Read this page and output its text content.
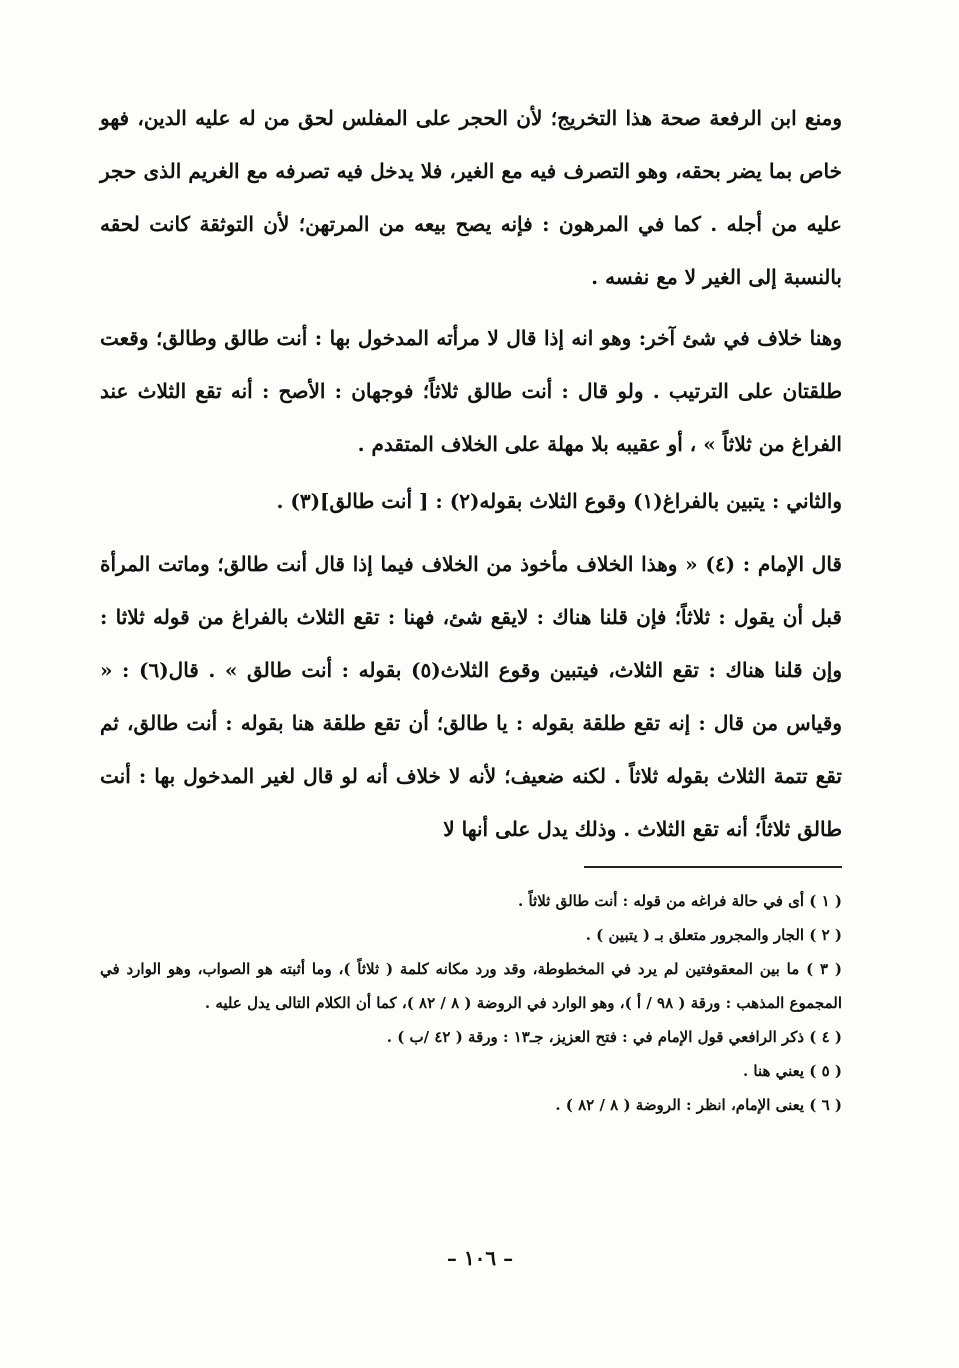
ومنع ابن الرفعة صحة هذا التخريج؛ لأن الحجر على المفلس لحق من له عليه الدين، فهو خاص بما يضر بحقه، وهو التصرف فيه مع الغير، فلا يدخل فيه تصرفه مع الغريم الذى حجر عليه من أجله . كما في المرهون : فإنه يصح بيعه من المرتهن؛ لأن التوثقة كانت لحقه بالنسبة إلى الغير لا مع نفسه .

وهنا خلاف في شئ آخر: وهو انه إذا قال لا مرأته المدخول بها : أنت طالق وطالق؛ وقعت طلقتان على الترتيب . ولو قال : أنت طالق ثلاثاً؛ فوجهان : الأصح : أنه تقع الثلاث عند الفراغ من ثلاثاً » ، أو عقيبه بلا مهلة على الخلاف المتقدم .

والثاني : يتبين بالفراغ(١) وقوع الثلاث بقوله(٢) : [ أنت طالق](٣) .

قال الإمام : (٤) « وهذا الخلاف مأخوذ من الخلاف فيما إذا قال أنت طالق؛ وماتت المرأة قبل أن يقول : ثلاثاً؛ فإن قلنا هناك : لايقع شئ، فهنا : تقع الثلاث بالفراغ من قوله ثلاثا : وإن قلنا هناك : تقع الثلاث، فيتبين وقوع الثلاث(٥) بقوله : أنت طالق » . قال(٦) : « وقياس من قال : إنه تقع طلقة بقوله : يا طالق؛ أن تقع طلقة هنا بقوله : أنت طالق، ثم تقع تتمة الثلاث بقوله ثلاثاً . لكنه ضعيف؛ لأنه لا خلاف أنه لو قال لغير المدخول بها : أنت طالق ثلاثاً؛ أنه تقع الثلاث . وذلك يدل على أنها لا

( ١ ) أى في حالة فراغه من قوله : أنت طالق ثلاثاً .

( ٢ ) الجار والمجرور متعلق بـ ( يتبين ) .

( ٣ ) ما بين المعقوفتين لم يرد في المخطوطة، وقد ورد مكانه كلمة ( ثلاثاً )، وما أثبته هو الصواب، وهو الوارد في المجموع المذهب : ورقة ( ٩٨ / أ )، وهو الوارد في الروضة ( ٨ / ٨٢ )، كما أن الكلام التالى يدل عليه .

( ٤ ) ذكر الرافعي قول الإمام في : فتح العزيز، جـ١٣ : ورقة ( ٤٢ /ب ) .

( ٥ ) يعني هنا .

( ٦ ) يعنى الإمام، انظر : الروضة ( ٨ / ٨٢ ) .

– ١٠٦ –
